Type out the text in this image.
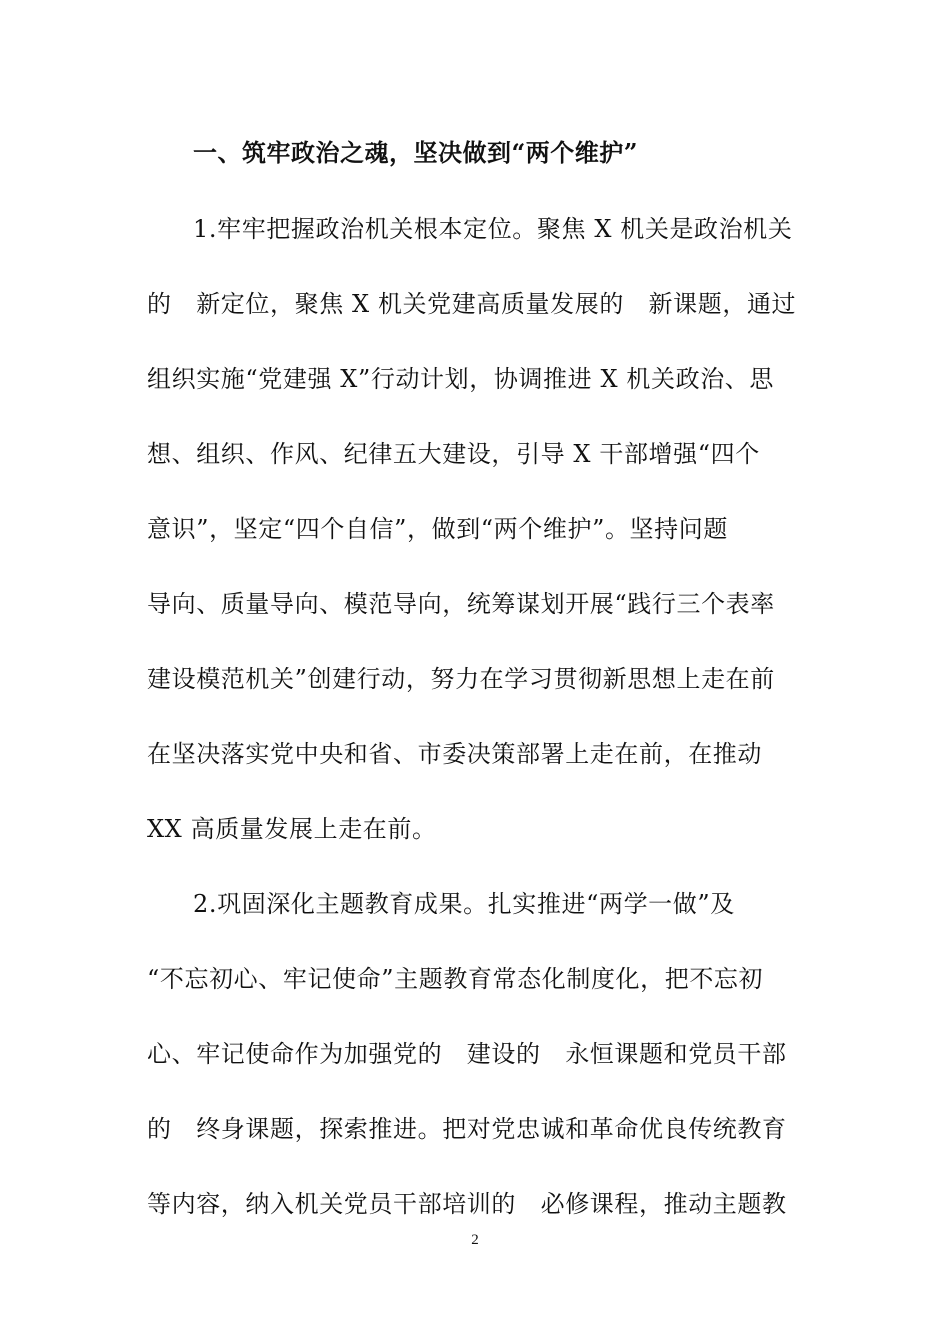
一、筑牢政治之魂，坚决做到“两个维护”
1.牢牢把握政治机关根本定位。聚焦 X 机关是政治机关
的　新定位，聚焦 X 机关党建高质量发展的　新课题，通过
组织实施“党建强 X”行动计划，协调推进 X 机关政治、思
想、组织、作风、纪律五大建设，引导 X 干部增强“四个
意识”，坚定“四个自信”，做到“两个维护”。坚持问题
导向、质量导向、模范导向，统筹谋划开展“践行三个表率
建设模范机关”创建行动，努力在学习贯彻新思想上走在前
在坚决落实党中央和省、市委决策部署上走在前，在推动
XX 高质量发展上走在前。
2.巩固深化主题教育成果。扎实推进“两学一做”及
“不忘初心、牢记使命”主题教育常态化制度化，把不忘初
心、牢记使命作为加强党的　建设的　永恒课题和党员干部
的　终身课题，探索推进。把对党忠诚和革命优良传统教育
等内容，纳入机关党员干部培训的　必修课程，推动主题教
2
